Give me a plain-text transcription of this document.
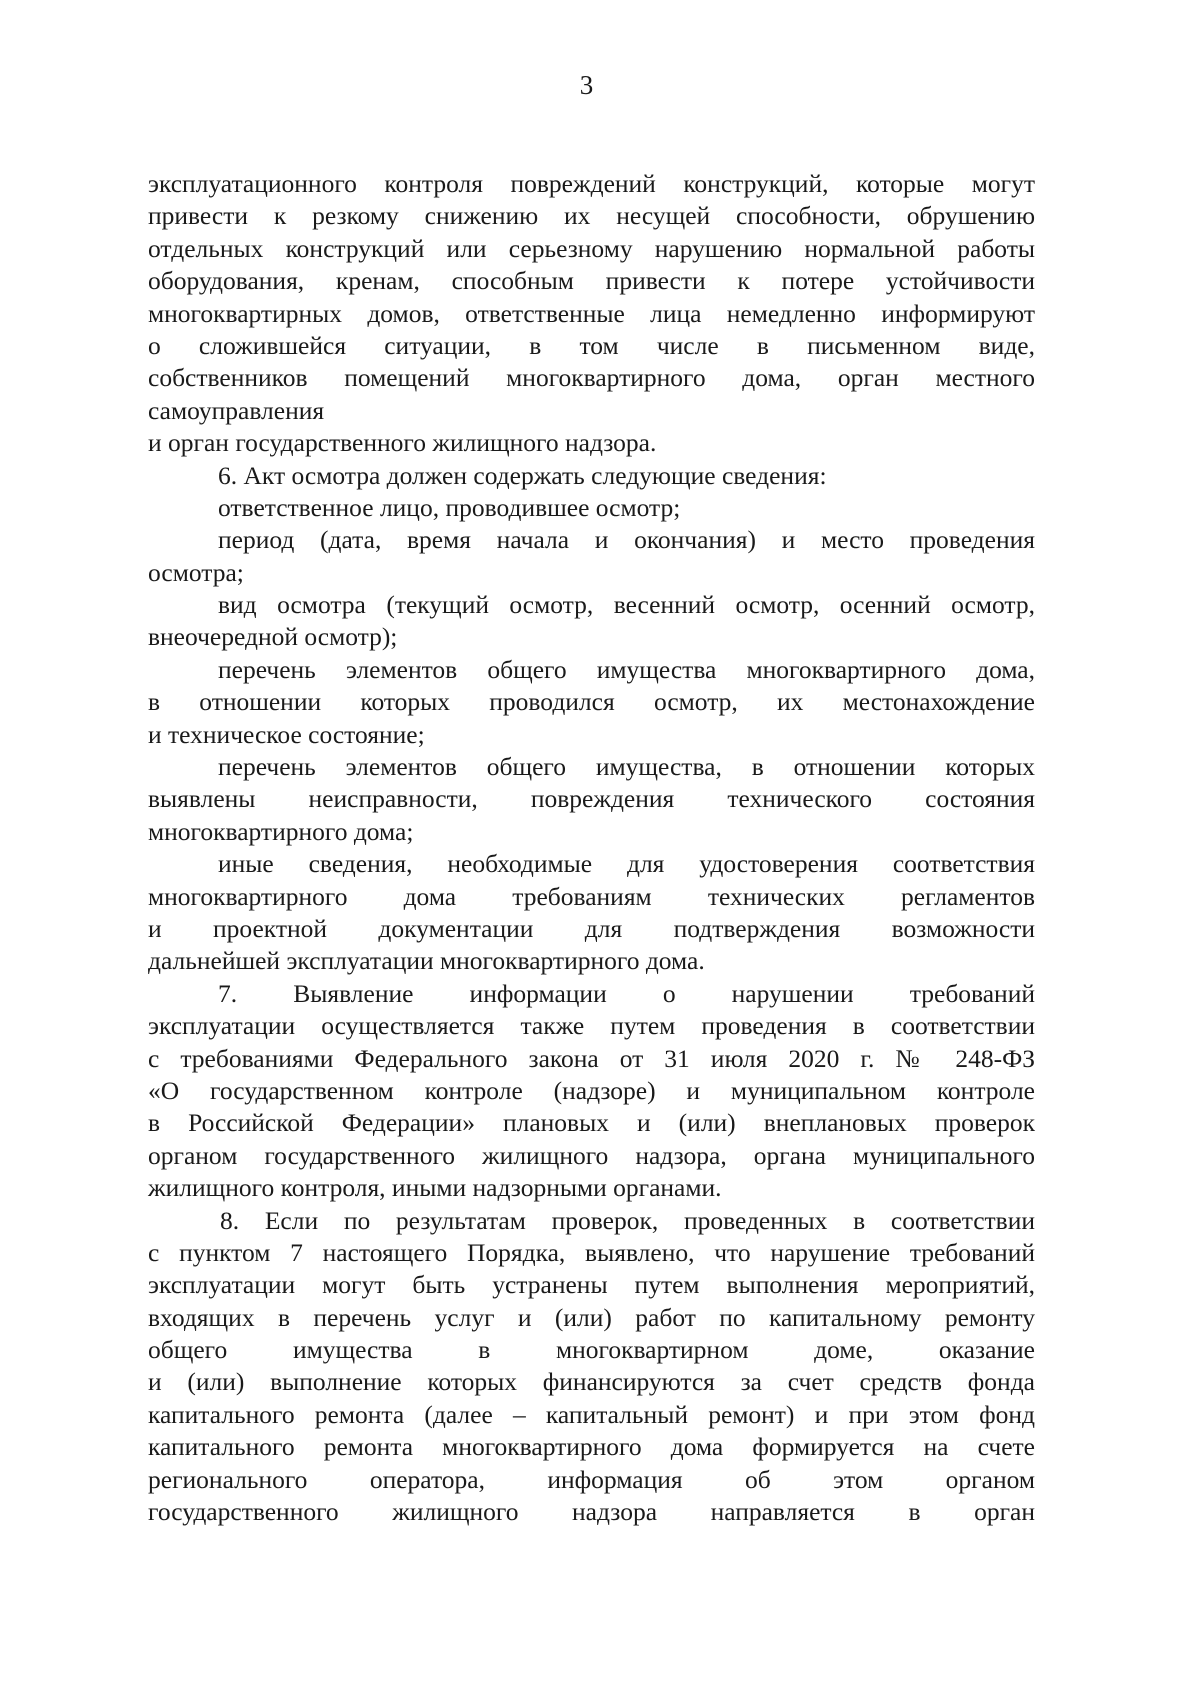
3
эксплуатационного контроля повреждений конструкций, которые могут
привести к резкому снижению их несущей способности, обрушению
отдельных конструкций или серьезному нарушению нормальной работы
оборудования, кренам, способным привести к потере устойчивости
многоквартирных домов, ответственные лица немедленно информируют
о сложившейся ситуации, в том числе в письменном виде,
собственников помещений многоквартирного дома, орган местного
самоуправления
и орган государственного жилищного надзора.
6. Акт осмотра должен содержать следующие сведения:
ответственное лицо, проводившее осмотр;
период (дата, время начала и окончания) и место проведения
осмотра;
вид осмотра (текущий осмотр, весенний осмотр, осенний осмотр,
внеочередной осмотр);
перечень элементов общего имущества многоквартирного дома,
в отношении которых проводился осмотр, их местонахождение
и техническое состояние;
перечень элементов общего имущества, в отношении которых
выявлены неисправности, повреждения технического состояния
многоквартирного дома;
иные сведения, необходимые для удостоверения соответствия
многоквартирного дома требованиям технических регламентов
и проектной документации для подтверждения возможности
дальнейшей эксплуатации многоквартирного дома.
7. Выявление информации о нарушении требований
эксплуатации осуществляется также путем проведения в соответствии
с требованиями Федерального закона от 31 июля 2020 г. № 248-ФЗ
«О государственном контроле (надзоре) и муниципальном контроле
в Российской Федерации» плановых и (или) внеплановых проверок
органом государственного жилищного надзора, органа муниципального
жилищного контроля, иными надзорными органами.
8. Если по результатам проверок, проведенных в соответствии
с пунктом 7 настоящего Порядка, выявлено, что нарушение требований
эксплуатации могут быть устранены путем выполнения мероприятий,
входящих в перечень услуг и (или) работ по капитальному ремонту
общего имущества в многоквартирном доме, оказание
и (или) выполнение которых финансируются за счет средств фонда
капитального ремонта (далее – капитальный ремонт) и при этом фонд
капитального ремонта многоквартирного дома формируется на счете
регионального оператора, информация об этом органом
государственного жилищного надзора направляется в орган
